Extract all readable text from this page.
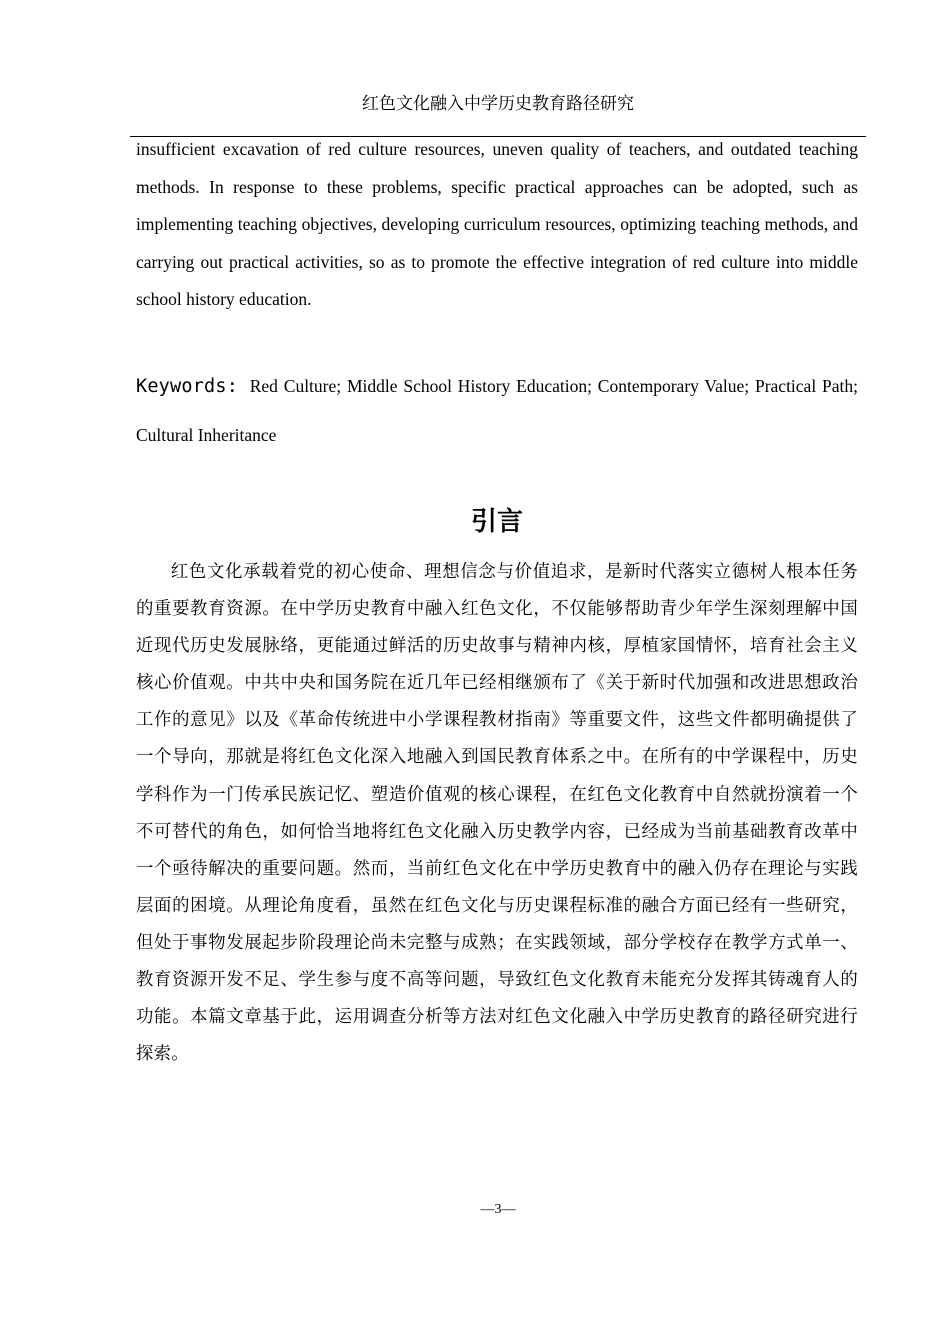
红色文化融入中学历史教育路径研究

insufficient excavation of red culture resources, uneven quality of teachers, and outdated teaching methods. In response to these problems, specific practical approaches can be adopted, such as implementing teaching objectives, developing curriculum resources, optimizing teaching methods, and carrying out practical activities, so as to promote the effective integration of red culture into middle school history education.

Keywords: Red Culture; Middle School History Education; Contemporary Value; Practical Path; Cultural Inheritance

引言

红色文化承载着党的初心使命、理想信念与价值追求，是新时代落实立德树人根本任务的重要教育资源。在中学历史教育中融入红色文化，不仅能够帮助青少年学生深刻理解中国近现代历史发展脉络，更能通过鲜活的历史故事与精神内核，厚植家国情怀，培育社会主义核心价值观。中共中央和国务院在近几年已经相继颁布了《关于新时代加强和改进思想政治工作的意见》以及《革命传统进中小学课程教材指南》等重要文件，这些文件都明确提供了一个导向，那就是将红色文化深入地融入到国民教育体系之中。在所有的中学课程中，历史学科作为一门传承民族记忆、塑造价值观的核心课程，在红色文化教育中自然就扮演着一个不可替代的角色，如何恰当地将红色文化融入历史教学内容，已经成为当前基础教育改革中一个亟待解决的重要问题。然而，当前红色文化在中学历史教育中的融入仍存在理论与实践层面的困境。从理论角度看，虽然在红色文化与历史课程标准的融合方面已经有一些研究，但处于事物发展起步阶段理论尚未完整与成熟；在实践领域，部分学校存在教学方式单一、教育资源开发不足、学生参与度不高等问题，导致红色文化教育未能充分发挥其铸魂育人的功能。本篇文章基于此，运用调查分析等方法对红色文化融入中学历史教育的路径研究进行探索。

—3—
